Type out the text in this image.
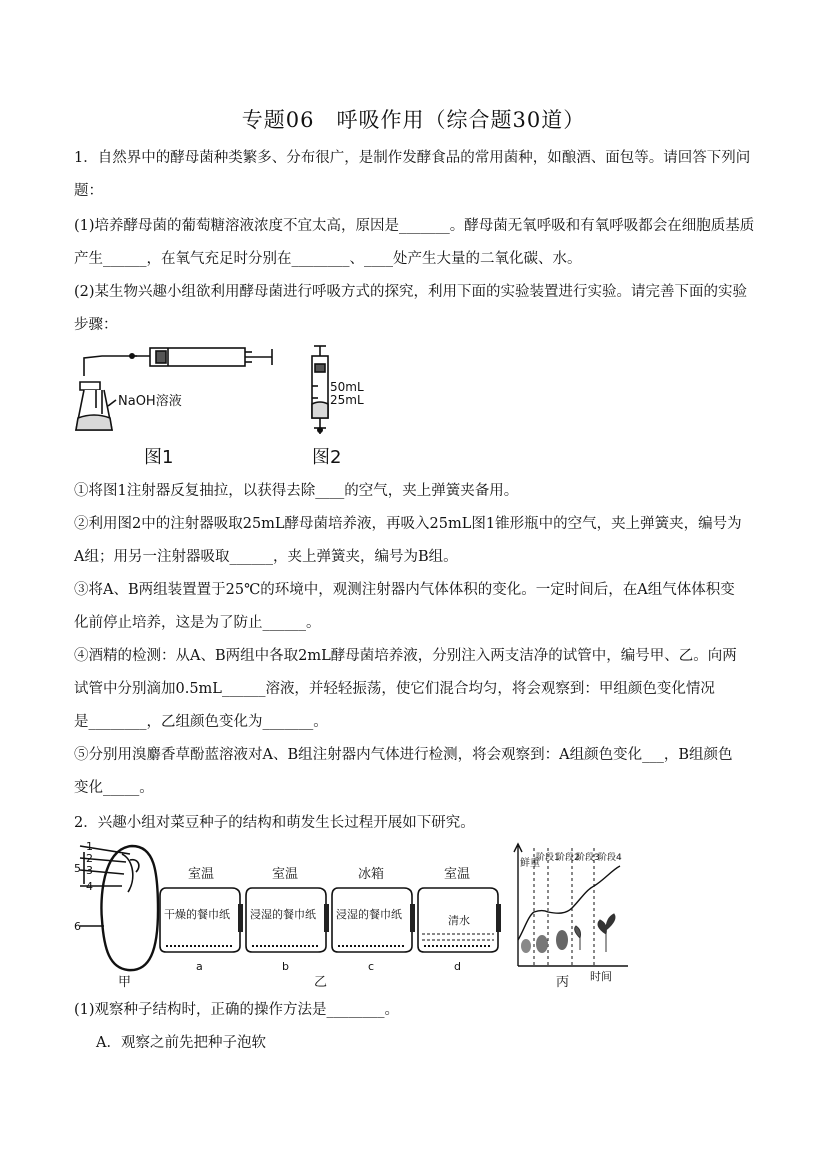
专题06　呼吸作用（综合题30道）
1．自然界中的酵母菌种类繁多、分布很广，是制作发酵食品的常用菌种，如酿酒、面包等。请回答下列问
题：
(1)培养酵母菌的葡萄糖溶液浓度不宜太高，原因是_______。酵母菌无氧呼吸和有氧呼吸都会在细胞质基质
产生______，在氧气充足时分别在________、____处产生大量的二氧化碳、水。
(2)某生物兴趣小组欲利用酵母菌进行呼吸方式的探究，利用下面的实验装置进行实验。请完善下面的实验
步骤：
NaOH溶液
图1
50mL
25mL
图2
①将图1注射器反复抽拉，以获得去除____的空气，夹上弹簧夹备用。
②利用图2中的注射器吸取25mL酵母菌培养液，再吸入25mL图1锥形瓶中的空气，夹上弹簧夹，编号为
A组；用另一注射器吸取______，夹上弹簧夹，编号为B组。
③将A、B两组装置置于25℃的环境中，观测注射器内气体体积的变化。一定时间后，在A组气体体积变
化前停止培养，这是为了防止______。
④酒精的检测：从A、B两组中各取2mL酵母菌培养液，分别注入两支洁净的试管中，编号甲、乙。向两
试管中分别滴加0.5mL______溶液，并轻轻振荡，使它们混合均匀，将会观察到：甲组颜色变化情况
是________，乙组颜色变化为_______。
⑤分别用溴麝香草酚蓝溶液对A、B组注射器内气体进行检测，将会观察到：A组颜色变化___，B组颜色
变化_____。
2．兴趣小组对菜豆种子的结构和萌发生长过程开展如下研究。
1
2
3
4
5
6
甲
室温
干燥的餐巾纸
a
室温
浸湿的餐巾纸
b
冰箱
浸湿的餐巾纸
c
室温
清水
d
乙
鲜重
阶段1
阶段2
阶段3
阶段4
时间
丙
(1)观察种子结构时，正确的操作方法是________。
A．观察之前先把种子泡软
